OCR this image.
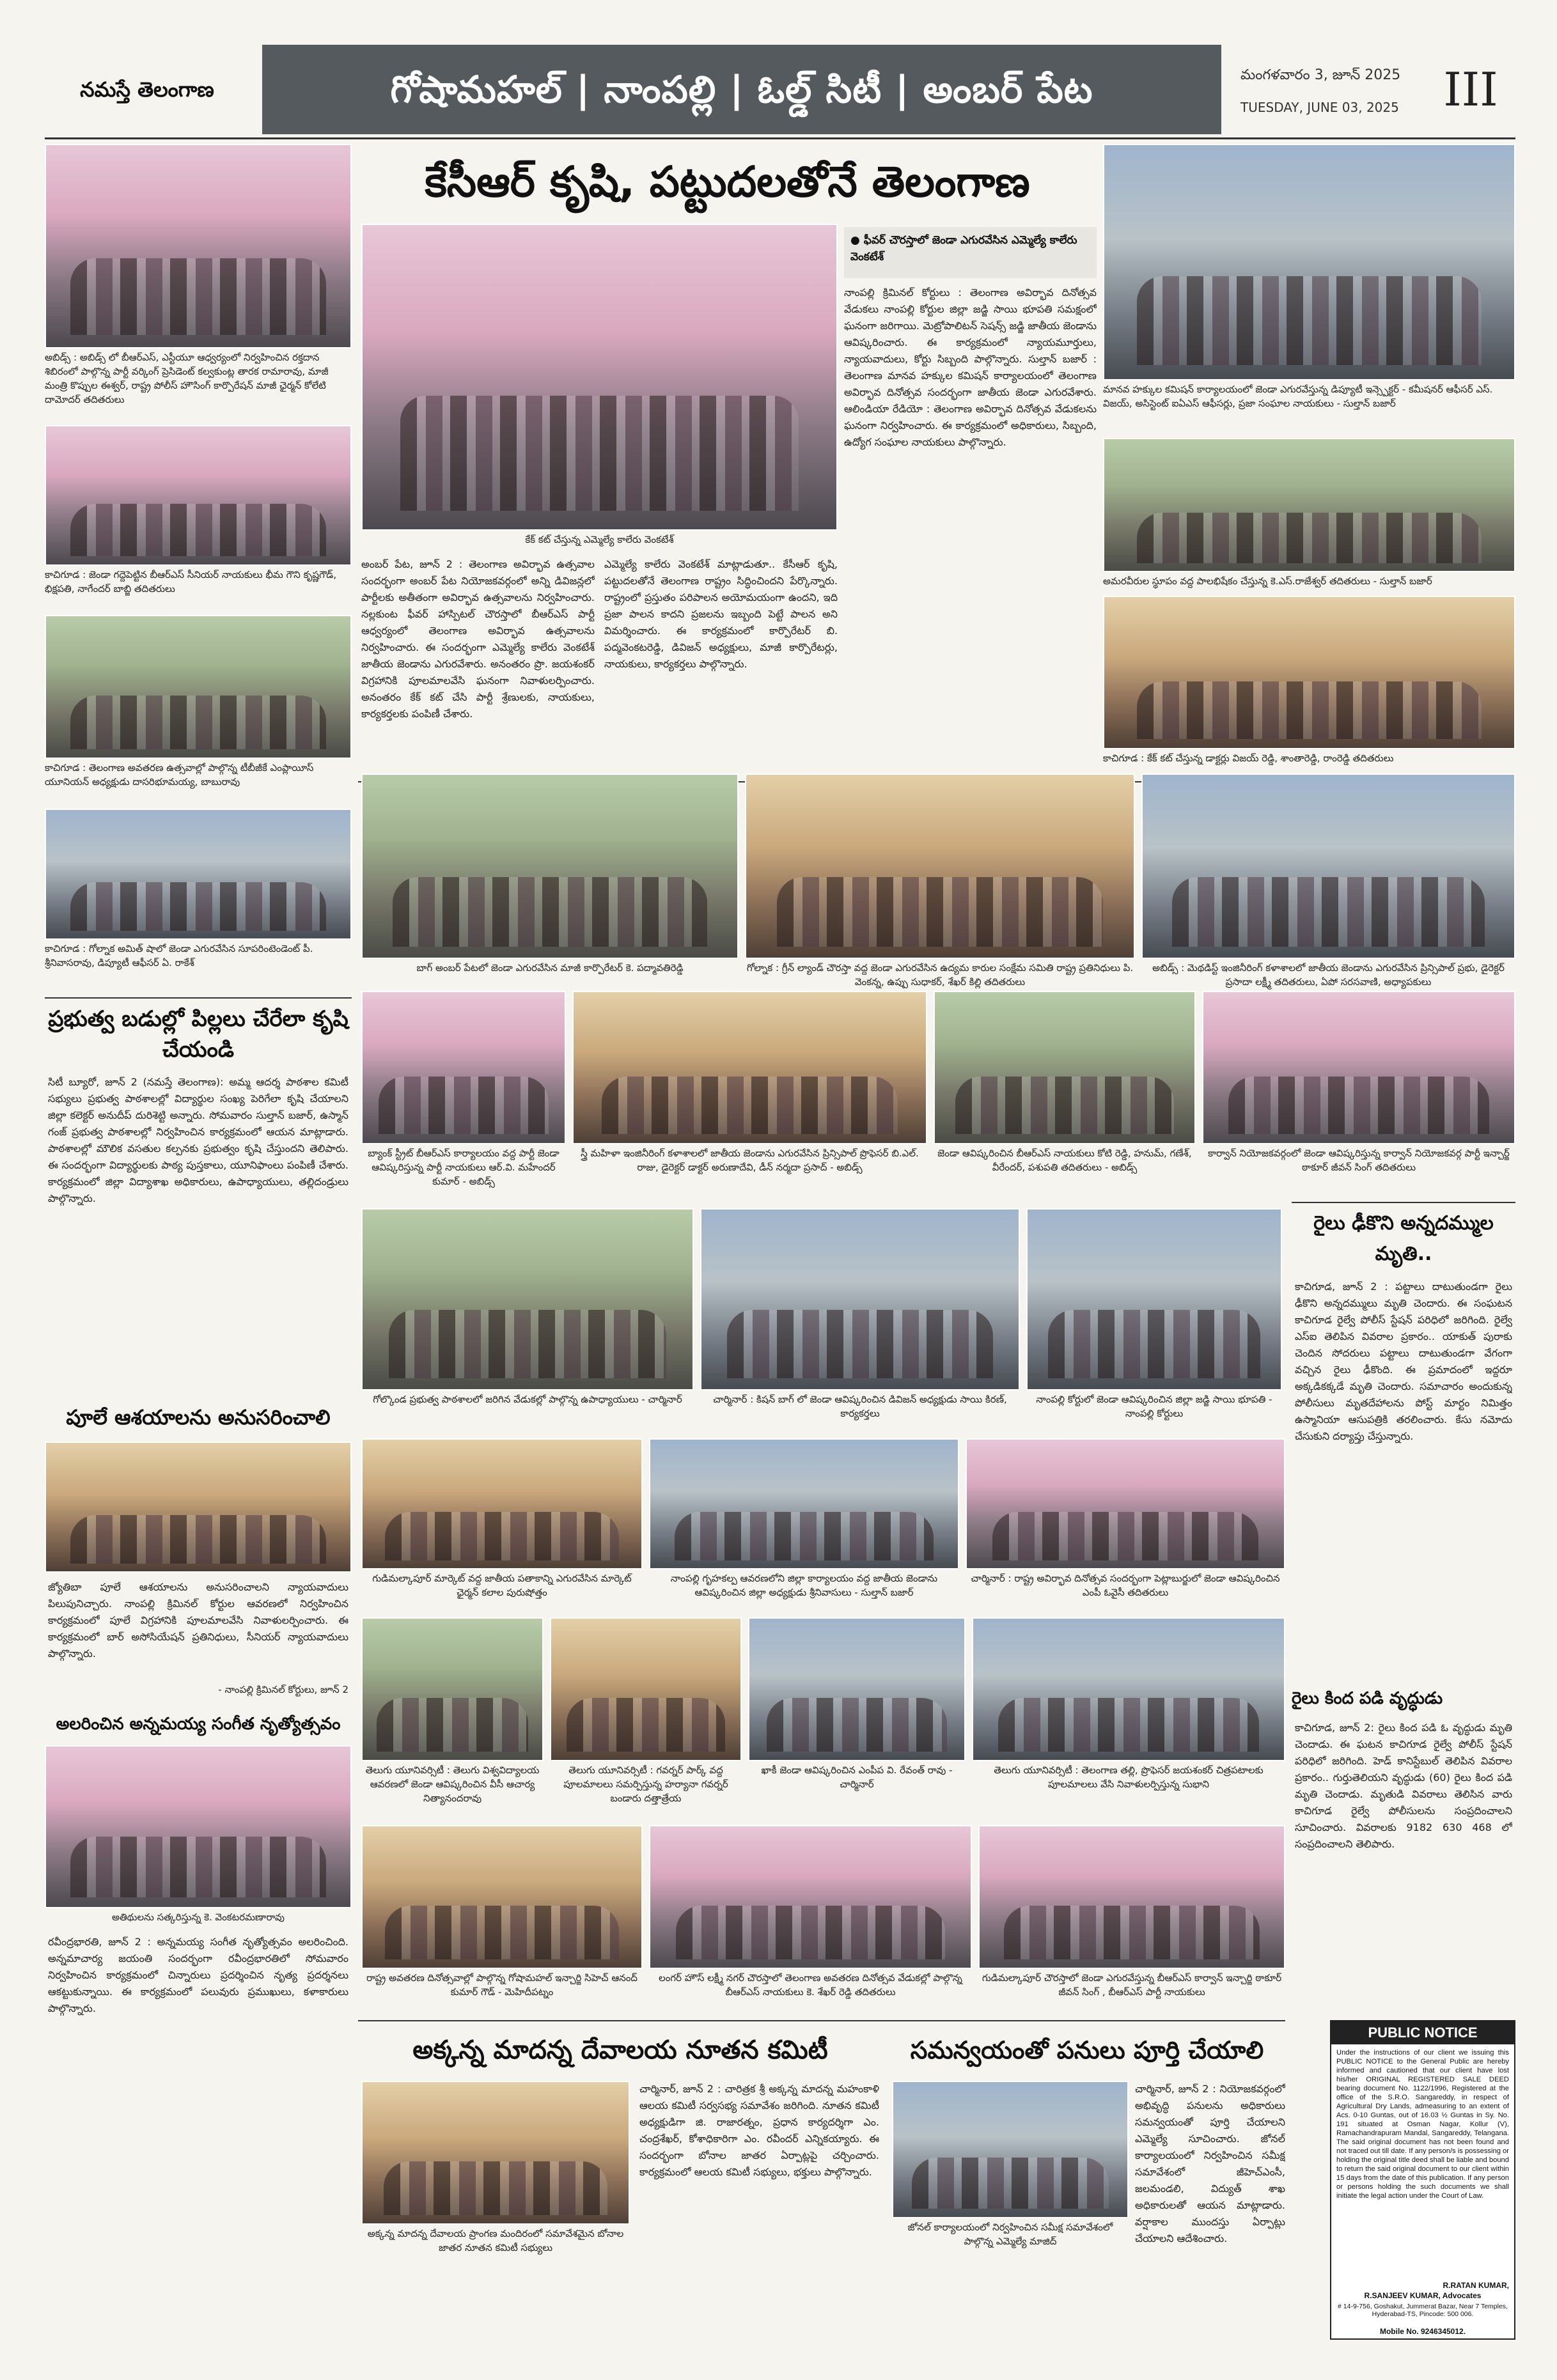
నమస్తే తెలంగాణ	గోషామహల్ | నాంపల్లి | ఓల్డ్ సిటీ | అంబర్ పేట	మంగళవారం 3, జూన్ 2025
TUESDAY, JUNE 03, 2025 III
అబిడ్స్ : అబిడ్స్ లో బీఆర్ఎస్, ఎస్టీయూ ఆధ్వర్యంలో నిర్వహించిన రక్తదాన శిబిరంలో పాల్గొన్న పార్టీ వర్కింగ్ ప్రెసిడెంట్ కల్వకుంట్ల తారక రామారావు, మాజీ మంత్రి కొప్పుల ఈశ్వర్, రాష్ట్ర పోలీస్ హౌసింగ్ కార్పొరేషన్ మాజీ ఛైర్మన్ కోలేటి దామోదర్ తదితరులు
కాచిగూడ : జెండా గద్దెపెట్టిన బీఆర్ఎస్ సీనియర్ నాయకులు భీమ గౌని కృష్ణగౌడ్, భిక్షపతి, నాగేందర్ బాబ్జి తదితరులు
కాచిగూడ : తెలంగాణ అవతరణ ఉత్సవాల్లో పాల్గొన్న టీబీజీకే ఎంప్లాయీస్ యూనియన్ అధ్యక్షుడు దాసరిభూమయ్య, బాబురావు
కాచిగూడ : గోల్నాక అమిత్ షాలో జెండా ఎగురవేసిన సూపరింటెండెంట్ పీ. శ్రీనివాసరావు, డిప్యూటీ ఆఫీసర్ ఏ. రాకేశ్
కేసీఆర్ కృషి, పట్టుదలతోనే తెలంగాణ
కేక్ కట్ చేస్తున్న ఎమ్మెల్యే కాలేరు వెంకటేశ్
● ఫీవర్ చౌరస్తాలో జెండా ఎగురవేసిన ఎమ్మెల్యే కాలేరు వెంకటేశ్
నాంపల్లి క్రిమినల్ కోర్టులు : తెలంగాణ అవిర్భావ దినోత్సవ వేడుకలు నాంపల్లి కోర్టుల జిల్లా జడ్జి సాయి భూపతి సమక్షంలో ఘనంగా జరిగాయి. మెట్రోపాలిటన్ సెషన్స్ జడ్జి జాతీయ జెండాను ఆవిష్కరించారు. ఈ కార్యక్రమంలో న్యాయమూర్తులు, న్యాయవాదులు, కోర్టు సిబ్బంది పాల్గొన్నారు. సుల్తాన్ బజార్ : తెలంగాణ మానవ హక్కుల కమిషన్ కార్యాలయంలో తెలంగాణ అవిర్భావ దినోత్సవ సందర్భంగా జాతీయ జెండా ఎగురవేశారు. ఆలిండియా రేడియో : తెలంగాణ అవిర్భావ దినోత్సవ వేడుకలను ఘనంగా నిర్వహించారు. ఈ కార్యక్రమంలో అధికారులు, సిబ్బంది, ఉద్యోగ సంఘాల నాయకులు పాల్గొన్నారు.
అంబర్ పేట, జూన్ 2 : తెలంగాణ అవిర్భావ ఉత్సవాల సందర్భంగా అంబర్ పేట నియోజకవర్గంలో అన్ని డివిజన్లలో పార్టీలకు అతీతంగా అవిర్భావ ఉత్సవాలను నిర్వహించారు. నల్లకుంట ఫీవర్ హాస్పిటల్ చౌరస్తాలో బీఆర్ఎస్ పార్టీ ఆధ్వర్యంలో తెలంగాణ అవిర్భావ ఉత్సవాలను నిర్వహించారు. ఈ సందర్భంగా ఎమ్మెల్యే కాలేరు వెంకటేశ్ జాతీయ జెండాను ఎగురవేశారు. అనంతరం ప్రొ. జయశంకర్ విగ్రహానికి పూలమాలవేసి ఘనంగా నివాళులర్పించారు. అనంతరం కేక్ కట్ చేసి పార్టీ శ్రేణులకు, నాయకులు, కార్యకర్తలకు పంపిణీ చేశారు.
ఎమ్మెల్యే కాలేరు వెంకటేశ్ మాట్లాడుతూ.. కేసీఆర్ కృషి, పట్టుదలతోనే తెలంగాణ రాష్ట్రం సిద్ధించిందని పేర్కొన్నారు. రాష్ట్రంలో ప్రస్తుతం పరిపాలన అయోమయంగా ఉందని, ఇది ప్రజా పాలన కాదని ప్రజలను ఇబ్బంది పెట్టే పాలన అని విమర్శించారు. ఈ కార్యక్రమంలో కార్పొరేటర్ బి. పద్మవెంకటరెడ్డి, డివిజన్ అధ్యక్షులు, మాజీ కార్పొరేటర్లు, నాయకులు, కార్యకర్తలు పాల్గొన్నారు.
మానవ హక్కుల కమిషన్ కార్యాలయంలో జెండా ఎగురవేస్తున్న డిప్యూటీ ఇన్స్పెక్టర్ - కమీషనర్ ఆఫీసర్ ఎస్. విజయ్, అసిస్టెంట్ ఐఏఎస్ ఆఫీసర్లు, ప్రజా సంఘాల నాయకులు - సుల్తాన్ బజార్
అమరవీరుల స్థూపం వద్ద పాలభిషేకం చేస్తున్న కె.ఎస్.రాజేశ్వర్ తదితరులు - సుల్తాన్ బజార్
కాచిగూడ : కేక్ కట్ చేస్తున్న డాక్టర్లు విజయ్ రెడ్డి, శాంతారెడ్డి, రాంరెడ్డి తదితరులు
బాగ్ అంబర్ పేటలో జెండా ఎగురవేసిన మాజీ కార్పొరేటర్ కె. పద్మావతిరెడ్డి	గోల్నాక : గ్రీన్ ల్యాండ్ చౌరస్తా వద్ద జెండా ఎగురవేసిన ఉద్యమ కారుల సంక్షేమ సమితి రాష్ట్ర ప్రతినిధులు పి. వెంకన్న, ఉప్పు సుధాకర్, శేఖర్ కిల్లి తదితరులు
అబిడ్స్ : మెథడిస్ట్ ఇంజినీరింగ్ కళాశాలలో జాతీయ జెండాను ఎగురవేసిన ప్రిన్సిపాల్ ప్రభు, డైరెక్టర్ ప్రసాదా లక్ష్మీ తదితరులు, ఏపో సరసవాణి, అధ్యాపకులు
ప్రభుత్వ బడుల్లో పిల్లలు చేరేలా కృషి చేయండి
సిటీ బ్యూరో, జూన్ 2 (నమస్తే తెలంగాణ): అమ్మ ఆదర్శ పాఠశాల కమిటీ సభ్యులు ప్రభుత్వ పాఠశాలల్లో విద్యార్థుల సంఖ్య పెరిగేలా కృషి చేయాలని జిల్లా కలెక్టర్ అనుదీప్ దురిశెట్టి అన్నారు. సోమవారం సుల్తాన్ బజార్, ఉస్మాన్ గంజ్ ప్రభుత్వ పాఠశాలల్లో నిర్వహించిన కార్యక్రమంలో ఆయన మాట్లాడారు. పాఠశాలల్లో మౌలిక వసతుల కల్పనకు ప్రభుత్వం కృషి చేస్తుందని తెలిపారు. ఈ సందర్భంగా విద్యార్థులకు పాఠ్య పుస్తకాలు, యూనిఫాంలు పంపిణీ చేశారు. కార్యక్రమంలో జిల్లా విద్యాశాఖ అధికారులు, ఉపాధ్యాయులు, తల్లిదండ్రులు పాల్గొన్నారు.
పూలే ఆశయాలను అనుసరించాలి
జ్యోతిబా పూలే ఆశయాలను అనుసరించాలని న్యాయవాదులు పిలుపునిచ్చారు. నాంపల్లి క్రిమినల్ కోర్టుల ఆవరణలో నిర్వహించిన కార్యక్రమంలో పూలే విగ్రహానికి పూలమాలవేసి నివాళులర్పించారు. ఈ కార్యక్రమంలో బార్ అసోసియేషన్ ప్రతినిధులు, సీనియర్ న్యాయవాదులు పాల్గొన్నారు.
- నాంపల్లి క్రిమినల్ కోర్టులు, జూన్ 2
అలరించిన అన్నమయ్య సంగీత నృత్యోత్సవం
అతిథులను సత్కరిస్తున్న కె. వెంకటరమణారావు
రవీంద్రభారతి, జూన్ 2 : అన్నమయ్య సంగీత నృత్యోత్సవం అలరించింది. అన్నమాచార్య జయంతి సందర్భంగా రవీంద్రభారతిలో సోమవారం నిర్వహించిన కార్యక్రమంలో చిన్నారులు ప్రదర్శించిన నృత్య ప్రదర్శనలు ఆకట్టుకున్నాయి. ఈ కార్యక్రమంలో పలువురు ప్రముఖులు, కళాకారులు పాల్గొన్నారు.
బ్యాంక్ స్ట్రీట్ బీఆర్ఎస్ కార్యాలయం వద్ద పార్టీ జెండా ఆవిష్కరిస్తున్న పార్టీ నాయకులు ఆర్.వి. మహేందర్ కుమార్ - అబిడ్స్
స్త్రీ మహిళా ఇంజినీరింగ్ కళాశాలలో జాతీయ జెండాను ఎగురవేసిన ప్రిన్సిపాల్ ప్రొఫెసర్ బి.ఎల్. రాజు, డైరెక్టర్ డాక్టర్ అరుణాదేవి, డీన్ నర్మదా ప్రసాద్ - అబిడ్స్
జెండా ఆవిష్కరించిన బీఆర్ఎస్ నాయకులు కోటి రెడ్డి, హనుమ్, గణేశ్, వీరేందర్, పశుపతి తదితరులు - అబిడ్స్
కార్వాన్ నియోజకవర్గంలో జెండా ఆవిష్కరిస్తున్న కార్వాన్ నియోజకవర్గ పార్టీ ఇన్చార్జ్ ఠాకూర్ జీవన్ సింగ్ తదితరులు
గోల్కొండ ప్రభుత్వ పాఠశాలలో జరిగిన వేడుకల్లో పాల్గొన్న ఉపాధ్యాయులు - చార్మినార్	చార్మినార్ : కిషన్ బాగ్ లో జెండా ఆవిష్కరించిన డివిజన్ అధ్యక్షుడు సాయి కిరణ్, కార్యకర్తలు
నాంపల్లి కోర్టులో జెండా ఆవిష్కరించిన జిల్లా జడ్జి సాయి భూపతి - నాంపల్లి కోర్టులు
రైలు ఢీకొని అన్నదమ్ముల మృతి..
కాచిగూడ, జూన్ 2 : పట్టాలు దాటుతుండగా రైలు ఢీకొని అన్నదమ్ములు మృతి చెందారు. ఈ సంఘటన కాచిగూడ రైల్వే పోలీస్ స్టేషన్ పరిధిలో జరిగింది. రైల్వే ఎస్ఐ తెలిపిన వివరాల ప్రకారం.. యాకుత్ పురాకు చెందిన సోదరులు పట్టాలు దాటుతుండగా వేగంగా వచ్చిన రైలు ఢీకొంది. ఈ ప్రమాదంలో ఇద్దరూ అక్కడికక్కడే మృతి చెందారు. సమాచారం అందుకున్న పోలీసులు మృతదేహాలను పోస్ట్ మార్టం నిమిత్తం ఉస్మానియా ఆసుపత్రికి తరలించారు. కేసు నమోదు చేసుకుని దర్యాప్తు చేస్తున్నారు.
రైలు కింద పడి వృద్ధుడు
కాచిగూడ, జూన్ 2: రైలు కింద పడి ఓ వృద్ధుడు మృతి చెందాడు. ఈ ఘటన కాచిగూడ రైల్వే పోలీస్ స్టేషన్ పరిధిలో జరిగింది. హెడ్ కానిస్టేబుల్ తెలిపిన వివరాల ప్రకారం.. గుర్తుతెలియని వృద్ధుడు (60) రైలు కింద పడి మృతి చెందాడు. మృతుడి వివరాలు తెలిసిన వారు కాచిగూడ రైల్వే పోలీసులను సంప్రదించాలని సూచించారు. వివరాలకు 9182 630 468 లో సంప్రదించాలని తెలిపారు.
గుడిమల్కాపూర్ మార్కెట్ వద్ద జాతీయ పతాకాన్ని ఎగురవేసిన మార్కెట్ ఛైర్మన్ కలాల పురుషోత్తం
నాంపల్లి గృహకల్ప ఆవరణలోని జిల్లా కార్యాలయం వద్ద జాతీయ జెండాను ఆవిష్కరించిన జిల్లా అధ్యక్షుడు శ్రీనివాసులు - సుల్తాన్ బజార్
చార్మినార్ : రాష్ట్ర అవిర్భావ దినోత్సవ సందర్భంగా పెట్లాబుర్జులో జెండా ఆవిష్కరించిన ఎంపీ ఓవైసీ తదితరులు
తెలుగు యూనివర్సిటీ : తెలుగు విశ్వవిద్యాలయ ఆవరణలో జెండా ఆవిష్కరించిన వీసీ ఆచార్య నిత్యానందరావు
తెలుగు యూనివర్సిటీ : గవర్నర్ పార్క్ వద్ద పూలమాలలు సమర్పిస్తున్న హర్యానా గవర్నర్ బండారు దత్తాత్రేయ
ఖాకీ జెండా ఆవిష్కరించిన ఎంపీప వి. రేవంత్ రావు - చార్మినార్
తెలుగు యూనివర్సిటీ : తెలంగాణ తల్లి, ప్రొఫెసర్ జయశంకర్ చిత్రపటాలకు పూలమాలలు వేసి నివాళులర్పిస్తున్న సుభాని
రాష్ట్ర అవతరణ దినోత్సవాల్లో పాల్గొన్న గోషామహల్ ఇన్చార్జి సిహెచ్ ఆనంద్ కుమార్ గౌడ్ - మెహిదీపట్నం
లంగర్ హౌస్ లక్ష్మీ నగర్ చౌరస్తాలో తెలంగాణ అవతరణ దినోత్సవ వేడుకల్లో పాల్గొన్న బీఆర్ఎస్ నాయకులు కె. శేఖర్ రెడ్డి తదితరులు
గుడిమల్కాపూర్ చౌరస్తాలో జెండా ఎగురవేస్తున్న బీఆర్ఎస్ కార్వాన్ ఇన్చార్జి ఠాకూర్ జీవన్ సింగ్ , బీఆర్ఎస్ పార్టీ నాయకులు
అక్కన్న మాదన్న దేవాలయ నూతన కమిటీ
అక్కన్న మాదన్న దేవాలయ ప్రాంగణ మందిరంలో సమావేశమైన బోనాల జాతర నూతన కమిటీ సభ్యులు
చార్మినార్, జూన్ 2 : చారిత్రక శ్రీ అక్కన్న మాదన్న మహంకాళి ఆలయ కమిటీ సర్వసభ్య సమావేశం జరిగింది. నూతన కమిటీ అధ్యక్షుడిగా జి. రాజారత్నం, ప్రధాన కార్యదర్శిగా ఎం. చంద్రశేఖర్, కోశాధికారిగా ఎం. రవీందర్ ఎన్నికయ్యారు. ఈ సందర్భంగా బోనాల జాతర ఏర్పాట్లపై చర్చించారు. కార్యక్రమంలో ఆలయ కమిటీ సభ్యులు, భక్తులు పాల్గొన్నారు.
సమన్వయంతో పనులు పూర్తి చేయాలి
జోనల్ కార్యాలయంలో నిర్వహించిన సమీక్ష సమావేశంలో పాల్గొన్న ఎమ్మెల్యే మాజిద్
చార్మినార్, జూన్ 2 : నియోజకవర్గంలో అభివృద్ధి పనులను అధికారులు సమన్వయంతో పూర్తి చేయాలని ఎమ్మెల్యే సూచించారు. జోనల్ కార్యాలయంలో నిర్వహించిన సమీక్ష సమావేశంలో జీహెచ్ఎంసీ, జలమండలి, విద్యుత్ శాఖ అధికారులతో ఆయన మాట్లాడారు. వర్షాకాల ముందస్తు ఏర్పాట్లు చేయాలని ఆదేశించారు.
PUBLIC NOTICE
Under the instructions of our client we issuing this PUBLIC NOTICE to the General Public are hereby informed and cautioned that our client have lost his/her ORIGINAL REGISTERED SALE DEED bearing document No. 1122/1996, Registered at the office of the S.R.O. Sangareddy, in respect of Agricultural Dry Lands, admeasuring to an extent of Acs. 0-10 Guntas, out of 16.03 ½ Guntas in Sy. No. 191 situated at Osman Nagar, Kollur (V), Ramachandrapuram Mandal, Sangareddy, Telangana. The said original document has not been found and not traced out till date. If any person/s is possessing or holding the original title deed shall be liable and bound to return the said original document to our client within 15 days from the date of this publication. If any person or persons holding the such documents we shall initiate the legal action under the Court of Law.
R.RATAN KUMAR,
R.SANJEEV KUMAR, Advocates
# 14-9-756, Goshakut, Jummerat Bazar, Near 7 Temples, Hyderabad-TS, Pincode: 500 006.
Mobile No. 9246345012.
